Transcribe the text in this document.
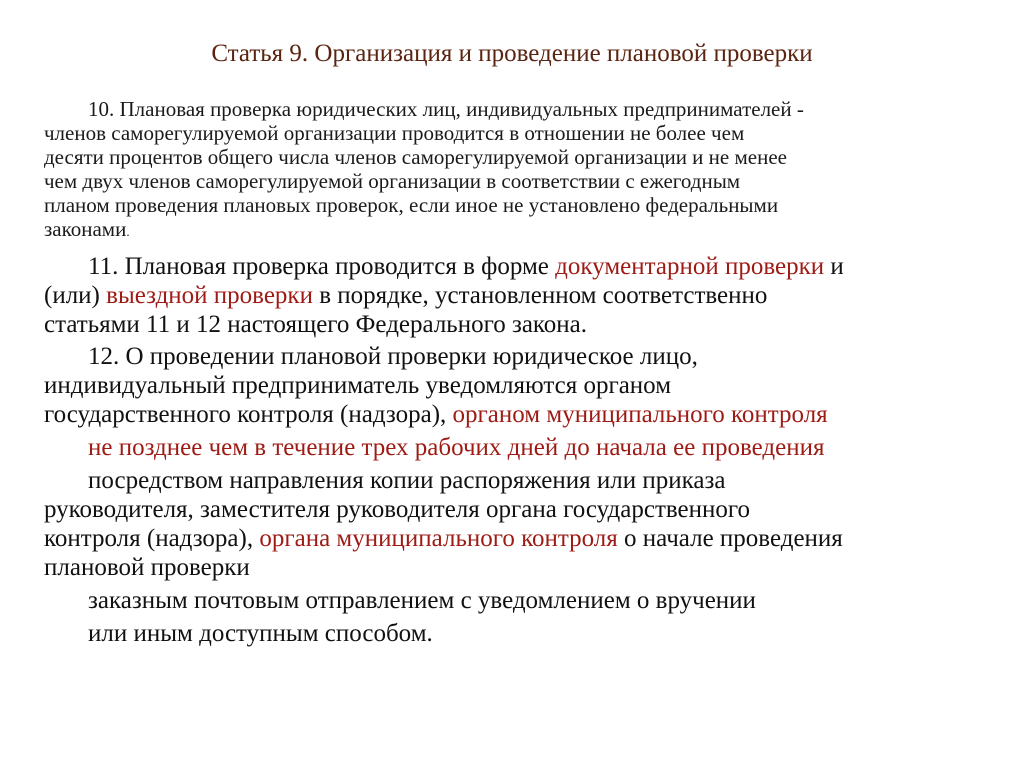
Статья 9. Организация и проведение плановой проверки
10. Плановая проверка юридических лиц, индивидуальных предпринимателей -
членов саморегулируемой организации проводится в отношении не более чем
десяти процентов общего числа членов саморегулируемой организации и не менее
чем двух членов саморегулируемой организации в соответствии с ежегодным
планом проведения плановых проверок, если иное не установлено федеральными
законами.
11. Плановая проверка проводится в форме документарной проверки и
(или) выездной проверки в порядке, установленном соответственно
статьями 11 и 12 настоящего Федерального закона.
12. О проведении плановой проверки юридическое лицо,
индивидуальный предприниматель уведомляются органом
государственного контроля (надзора), органом муниципального контроля
не позднее чем в течение трех рабочих дней до начала ее проведения
посредством направления копии распоряжения или приказа
руководителя, заместителя руководителя органа государственного
контроля (надзора), органа муниципального контроля о начале проведения
плановой проверки
заказным почтовым отправлением с уведомлением о вручении
или иным доступным способом.
